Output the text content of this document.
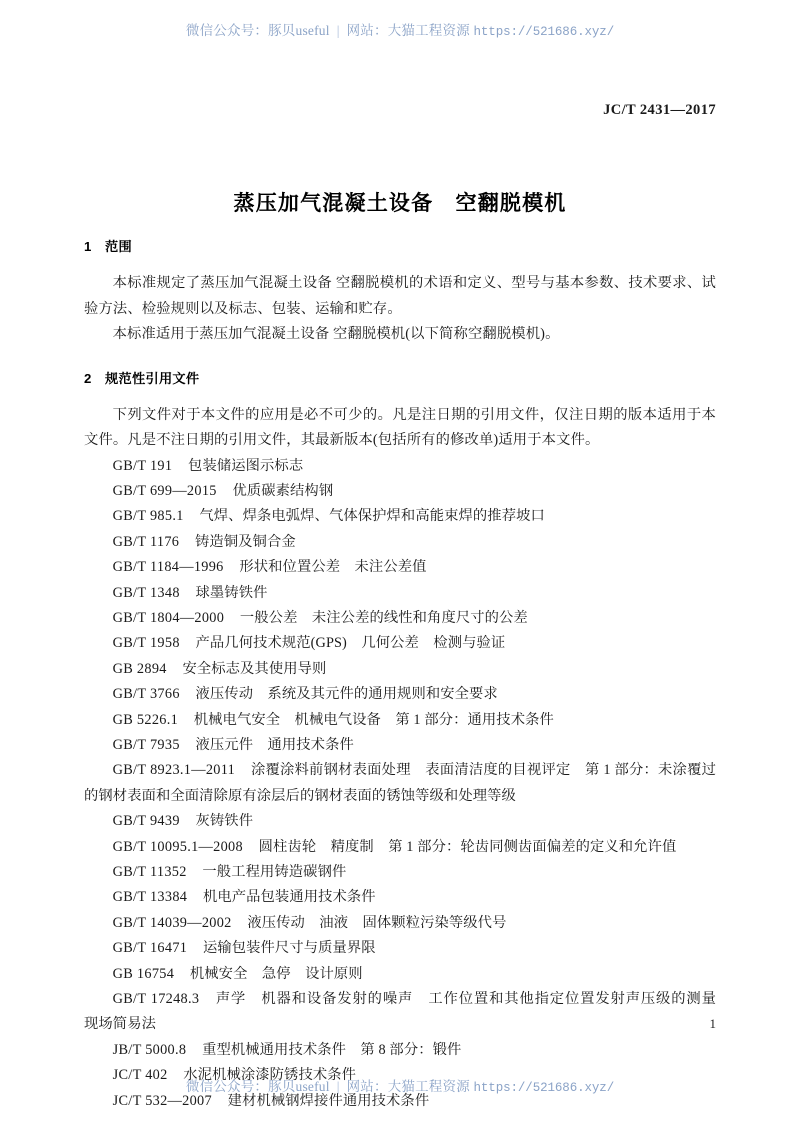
微信公众号：豚贝useful | 网站：大猫工程资源 https://521686.xyz/
JC/T 2431—2017
蒸压加气混凝土设备　空翻脱模机
1 范围

本标准规定了蒸压加气混凝土设备 空翻脱模机的术语和定义、型号与基本参数、技术要求、试验方法、检验规则以及标志、包装、运输和贮存。

本标准适用于蒸压加气混凝土设备 空翻脱模机(以下简称空翻脱模机)。

2 规范性引用文件

下列文件对于本文件的应用是必不可少的。凡是注日期的引用文件，仅注日期的版本适用于本文件。凡是不注日期的引用文件，其最新版本(包括所有的修改单)适用于本文件。

GB/T 191 包装储运图示标志
GB/T 699—2015 优质碳素结构钢
GB/T 985.1 气焊、焊条电弧焊、气体保护焊和高能束焊的推荐坡口
GB/T 1176 铸造铜及铜合金
GB/T 1184—1996 形状和位置公差　未注公差值
GB/T 1348 球墨铸铁件
GB/T 1804—2000 一般公差　未注公差的线性和角度尺寸的公差
GB/T 1958 产品几何技术规范(GPS)　几何公差　检测与验证
GB 2894 安全标志及其使用导则
GB/T 3766 液压传动　系统及其元件的通用规则和安全要求
GB 5226.1 机械电气安全　机械电气设备　第 1 部分：通用技术条件
GB/T 7935 液压元件　通用技术条件
GB/T 8923.1—2011 涂覆涂料前钢材表面处理　表面清洁度的目视评定　第 1 部分：未涂覆过的钢材表面和全面清除原有涂层后的钢材表面的锈蚀等级和处理等级
GB/T 9439 灰铸铁件
GB/T 10095.1—2008 圆柱齿轮　精度制　第 1 部分：轮齿同侧齿面偏差的定义和允许值
GB/T 11352 一般工程用铸造碳钢件
GB/T 13384 机电产品包装通用技术条件
GB/T 14039—2002 液压传动　油液　固体颗粒污染等级代号
GB/T 16471 运输包装件尺寸与质量界限
GB 16754 机械安全　急停　设计原则
GB/T 17248.3 声学　机器和设备发射的噪声　工作位置和其他指定位置发射声压级的测量　现场简易法
JB/T 5000.8 重型机械通用技术条件　第 8 部分：锻件
JC/T 402 水泥机械涂漆防锈技术条件
JC/T 532—2007 建材机械钢焊接件通用技术条件
1
微信公众号：豚贝useful | 网站：大猫工程资源 https://521686.xyz/
